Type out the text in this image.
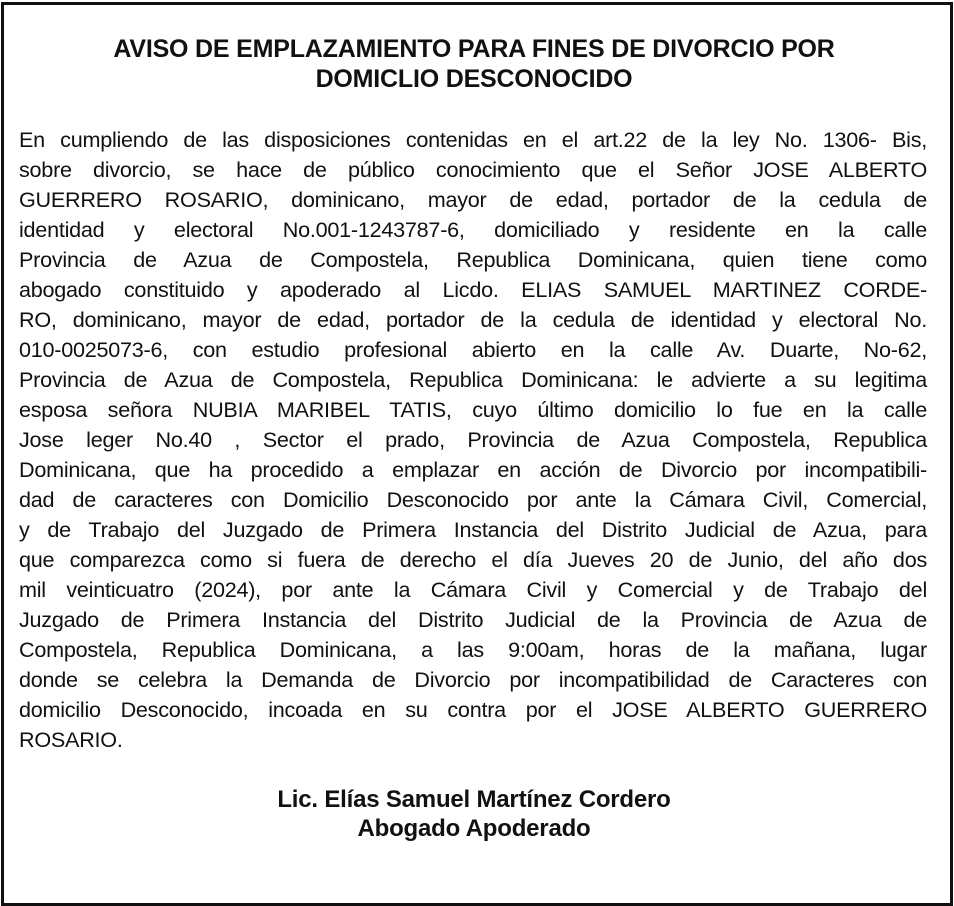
AVISO DE EMPLAZAMIENTO PARA FINES DE DIVORCIO POR
DOMICLIO DESCONOCIDO
En cumpliendo de las disposiciones contenidas en el art.22 de la ley No. 1306- Bis,
sobre divorcio, se hace de público conocimiento que el Señor JOSE ALBERTO
GUERRERO ROSARIO, dominicano, mayor de edad, portador de la cedula de
identidad y electoral No.001-1243787-6, domiciliado y residente en la calle
Provincia de Azua de Compostela, Republica Dominicana, quien tiene como
abogado constituido y apoderado al Licdo. ELIAS SAMUEL MARTINEZ CORDE-
RO, dominicano, mayor de edad, portador de la cedula de identidad y electoral No.
010-0025073-6, con estudio profesional abierto en la calle Av. Duarte, No-62,
Provincia de Azua de Compostela, Republica Dominicana: le advierte a su legitima
esposa señora NUBIA MARIBEL TATIS, cuyo último domicilio lo fue en la calle
Jose leger No.40 , Sector el prado, Provincia de Azua Compostela, Republica
Dominicana, que ha procedido a emplazar en acción de Divorcio por incompatibili-
dad de caracteres con Domicilio Desconocido por ante la Cámara Civil, Comercial,
y de Trabajo del Juzgado de Primera Instancia del Distrito Judicial de Azua, para
que comparezca como si fuera de derecho el día Jueves 20 de Junio, del año dos
mil veinticuatro (2024), por ante la Cámara Civil y Comercial y de Trabajo del
Juzgado de Primera Instancia del Distrito Judicial de la Provincia de Azua de
Compostela, Republica Dominicana, a las 9:00am, horas de la mañana, lugar
donde se celebra la Demanda de Divorcio por incompatibilidad de Caracteres con
domicilio Desconocido, incoada en su contra por el JOSE ALBERTO GUERRERO
ROSARIO.
Lic. Elías Samuel Martínez Cordero
Abogado Apoderado
